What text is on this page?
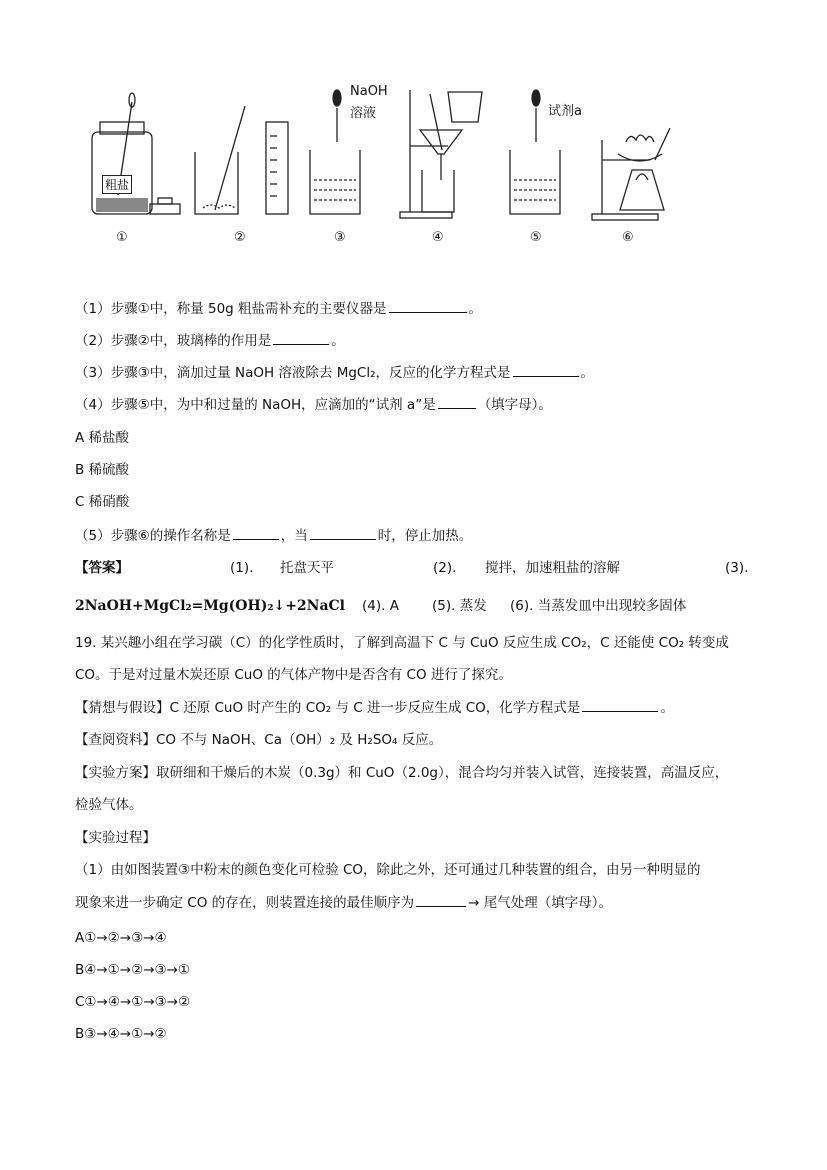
粗盐
NaOH
溶液	试剂a
①	②	③	④	⑤	⑥
（1）步骤①中，称量 50g 粗盐需补充的主要仪器是	。
（2）步骤②中，玻璃棒的作用是	。
（3）步骤③中，滴加过量 NaOH 溶液除去 MgCl₂，反应的化学方程式是	。
（4）步骤⑤中，为中和过量的 NaOH，应滴加的“试剂 a”是	（填字母）。
A 稀盐酸
B 稀硫酸
C 稀硝酸
（5）步骤⑥的操作名称是	，当	时，停止加热。
【答案】	(1). 托盘天平	(2). 搅拌，加速粗盐的溶解	(3).
2NaOH+MgCl₂=Mg(OH)₂↓+2NaCl (4). A (5). 蒸发 (6). 当蒸发皿中出现较多固体
19. 某兴趣小组在学习碳（C）的化学性质时，了解到高温下 C 与 CuO 反应生成 CO₂，C 还能使 CO₂ 转变成
CO。于是对过量木炭还原 CuO 的气体产物中是否含有 CO 进行了探究。
【猜想与假设】C 还原 CuO 时产生的 CO₂ 与 C 进一步反应生成 CO，化学方程式是	。
【查阅资料】CO 不与 NaOH、Ca（OH）₂ 及 H₂SO₄ 反应。
【实验方案】取研细和干燥后的木炭（0.3g）和 CuO（2.0g），混合均匀并装入试管，连接装置，高温反应，
检验气体。
【实验过程】
（1）由如图装置③中粉末的颜色变化可检验 CO，除此之外，还可通过几种装置的组合，由另一种明显的
现象来进一步确定 CO 的存在，则装置连接的最佳顺序为	→ 尾气处理（填字母）。
A①→②→③→④
B④→①→②→③→①
C①→④→①→③→②
B③→④→①→②
